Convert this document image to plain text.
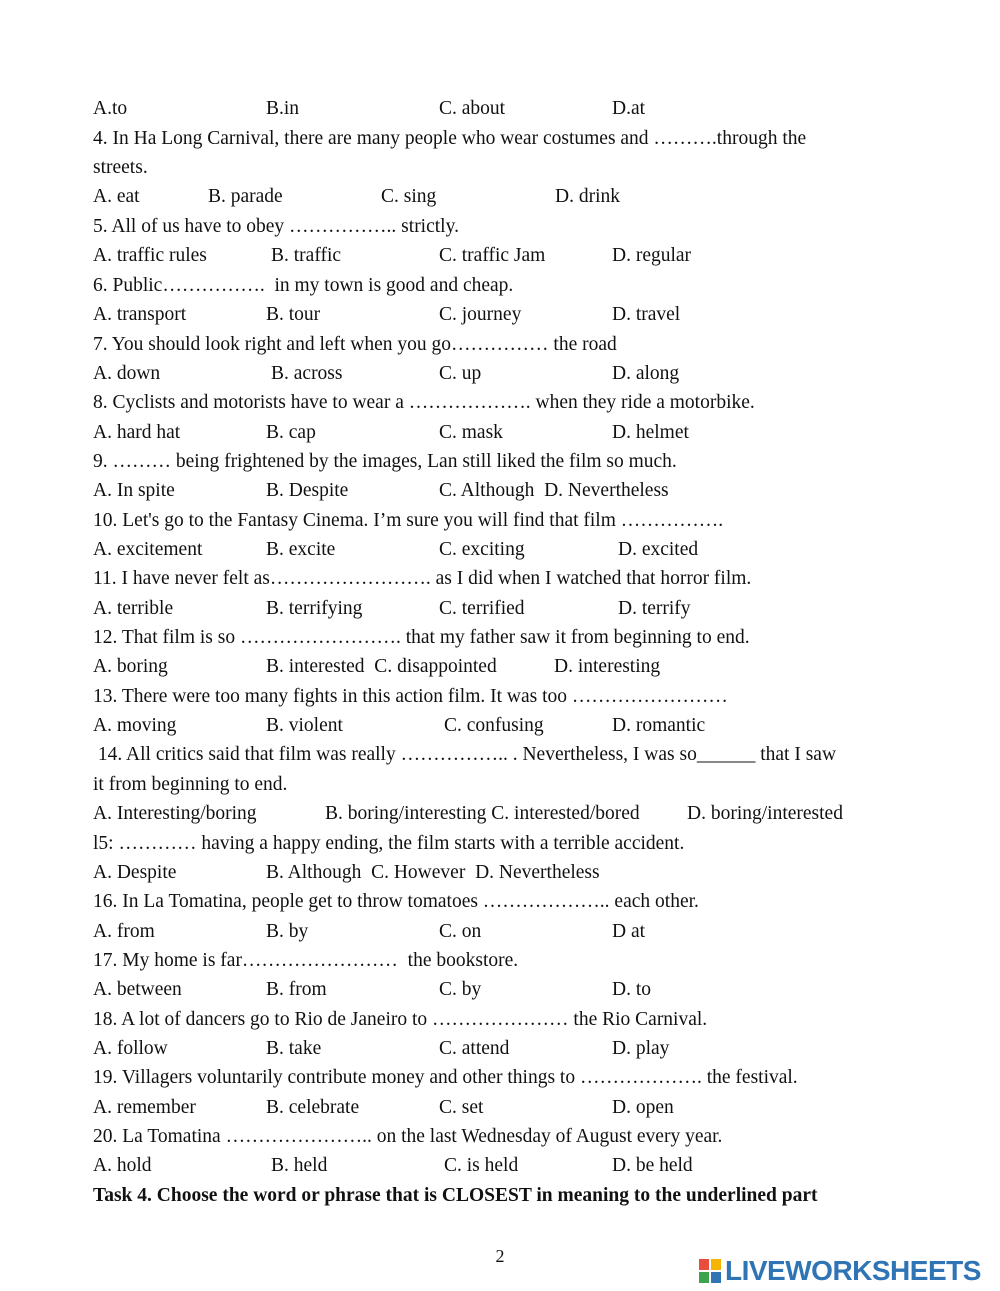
A.to	B.in	C. about	D.at
4. In Ha Long Carnival, there are many people who wear costumes and ……….through the
streets.
A. eat	B. parade	C. sing	D. drink
5. All of us have to obey …………….. strictly.
A. traffic rules	B. traffic	C. traffic Jam	D. regular
6. Public…………….  in my town is good and cheap.
A. transport	B. tour	C. journey	D. travel
7. You should look right and left when you go…………… the road
A. down	B. across	C. up	D. along
8. Cyclists and motorists have to wear a ………………. when they ride a motorbike.
A. hard hat	B. cap	C. mask	D. helmet
9. ……… being frightened by the images, Lan still liked the film so much.
A. In spite	B. Despite	C. Although  D. Nevertheless
10. Let's go to the Fantasy Cinema. I’m sure you will find that film …………….
A. excitement	B. excite	C. exciting	D. excited
11. I have never felt as……………………. as I did when I watched that horror film.
A. terrible	B. terrifying	C. terrified	D. terrify
12. That film is so ……………………. that my father saw it from beginning to end.
A. boring	B. interested  C. disappointed	D. interesting
13. There were too many fights in this action film. It was too ……………………
A. moving	B. violent	C. confusing	D. romantic
14. All critics said that film was really …………….. . Nevertheless, I was so______ that I saw
it from beginning to end.
A. Interesting/boring	B. boring/interesting C. interested/bored D. boring/interested
l5: ………… having a happy ending, the film starts with a terrible accident.
A. Despite	B. Although  C. However  D. Nevertheless
16. In La Tomatina, people get to throw tomatoes ……………….. each other.
A. from	B. by	C. on	D at
17. My home is far……………………  the bookstore.
A. between	B. from	C. by	D. to
18. A lot of dancers go to Rio de Janeiro to ………………… the Rio Carnival.
A. follow	B. take	C. attend	D. play
19. Villagers voluntarily contribute money and other things to ………………. the festival.
A. remember	B. celebrate	C. set	D. open
20. La Tomatina ………………….. on the last Wednesday of August every year.
A. hold	B. held	C. is held	D. be held
Task 4. Choose the word or phrase that is CLOSEST in meaning to the underlined part
2	LIVEWORKSHEETS
